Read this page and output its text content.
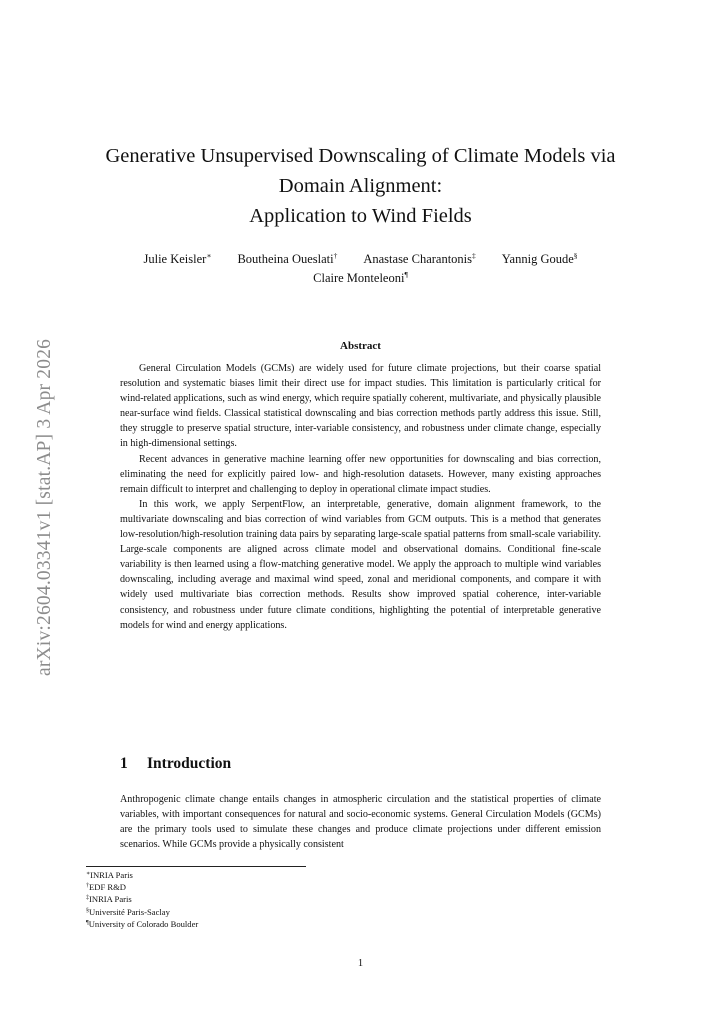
arXiv:2604.03341v1 [stat.AP] 3 Apr 2026
Generative Unsupervised Downscaling of Climate Models via
Domain Alignment:
Application to Wind Fields
Julie Keisler∗ Boutheina Oueslati† Anastase Charantonis‡ Yannig Goude§
Claire Monteleoni¶
Abstract

General Circulation Models (GCMs) are widely used for future climate projections, but their coarse spatial resolution and systematic biases limit their direct use for impact studies. This limitation is particularly critical for wind-related applications, such as wind energy, which require spatially coherent, multivariate, and physically plausible near-surface wind fields. Classical statistical downscaling and bias correction methods partly address this issue. Still, they struggle to preserve spatial structure, inter-variable consistency, and robustness under climate change, especially in high-dimensional settings.

Recent advances in generative machine learning offer new opportunities for downscaling and bias correction, eliminating the need for explicitly paired low- and high-resolution datasets. However, many existing approaches remain difficult to interpret and challenging to deploy in operational climate impact studies.

In this work, we apply SerpentFlow, an interpretable, generative, domain alignment framework, to the multivariate downscaling and bias correction of wind variables from GCM outputs. This is a method that generates low-resolution/high-resolution training data pairs by separating large-scale spatial patterns from small-scale variability. Large-scale components are aligned across climate model and observational domains. Conditional fine-scale variability is then learned using a flow-matching generative model. We apply the approach to multiple wind variables downscaling, including average and maximal wind speed, zonal and meridional components, and compare it with widely used multivariate bias correction methods. Results show improved spatial coherence, inter-variable consistency, and robustness under future climate conditions, highlighting the potential of interpretable generative models for wind and energy applications.

1 Introduction

Anthropogenic climate change entails changes in atmospheric circulation and the statistical properties of climate variables, with important consequences for natural and socio-economic systems. General Circulation Models (GCMs) are the primary tools used to simulate these changes and produce climate projections under different emission scenarios. While GCMs provide a physically consistent

∗INRIA Paris
†EDF R&D
‡INRIA Paris
§Université Paris-Saclay
¶University of Colorado Boulder
1
